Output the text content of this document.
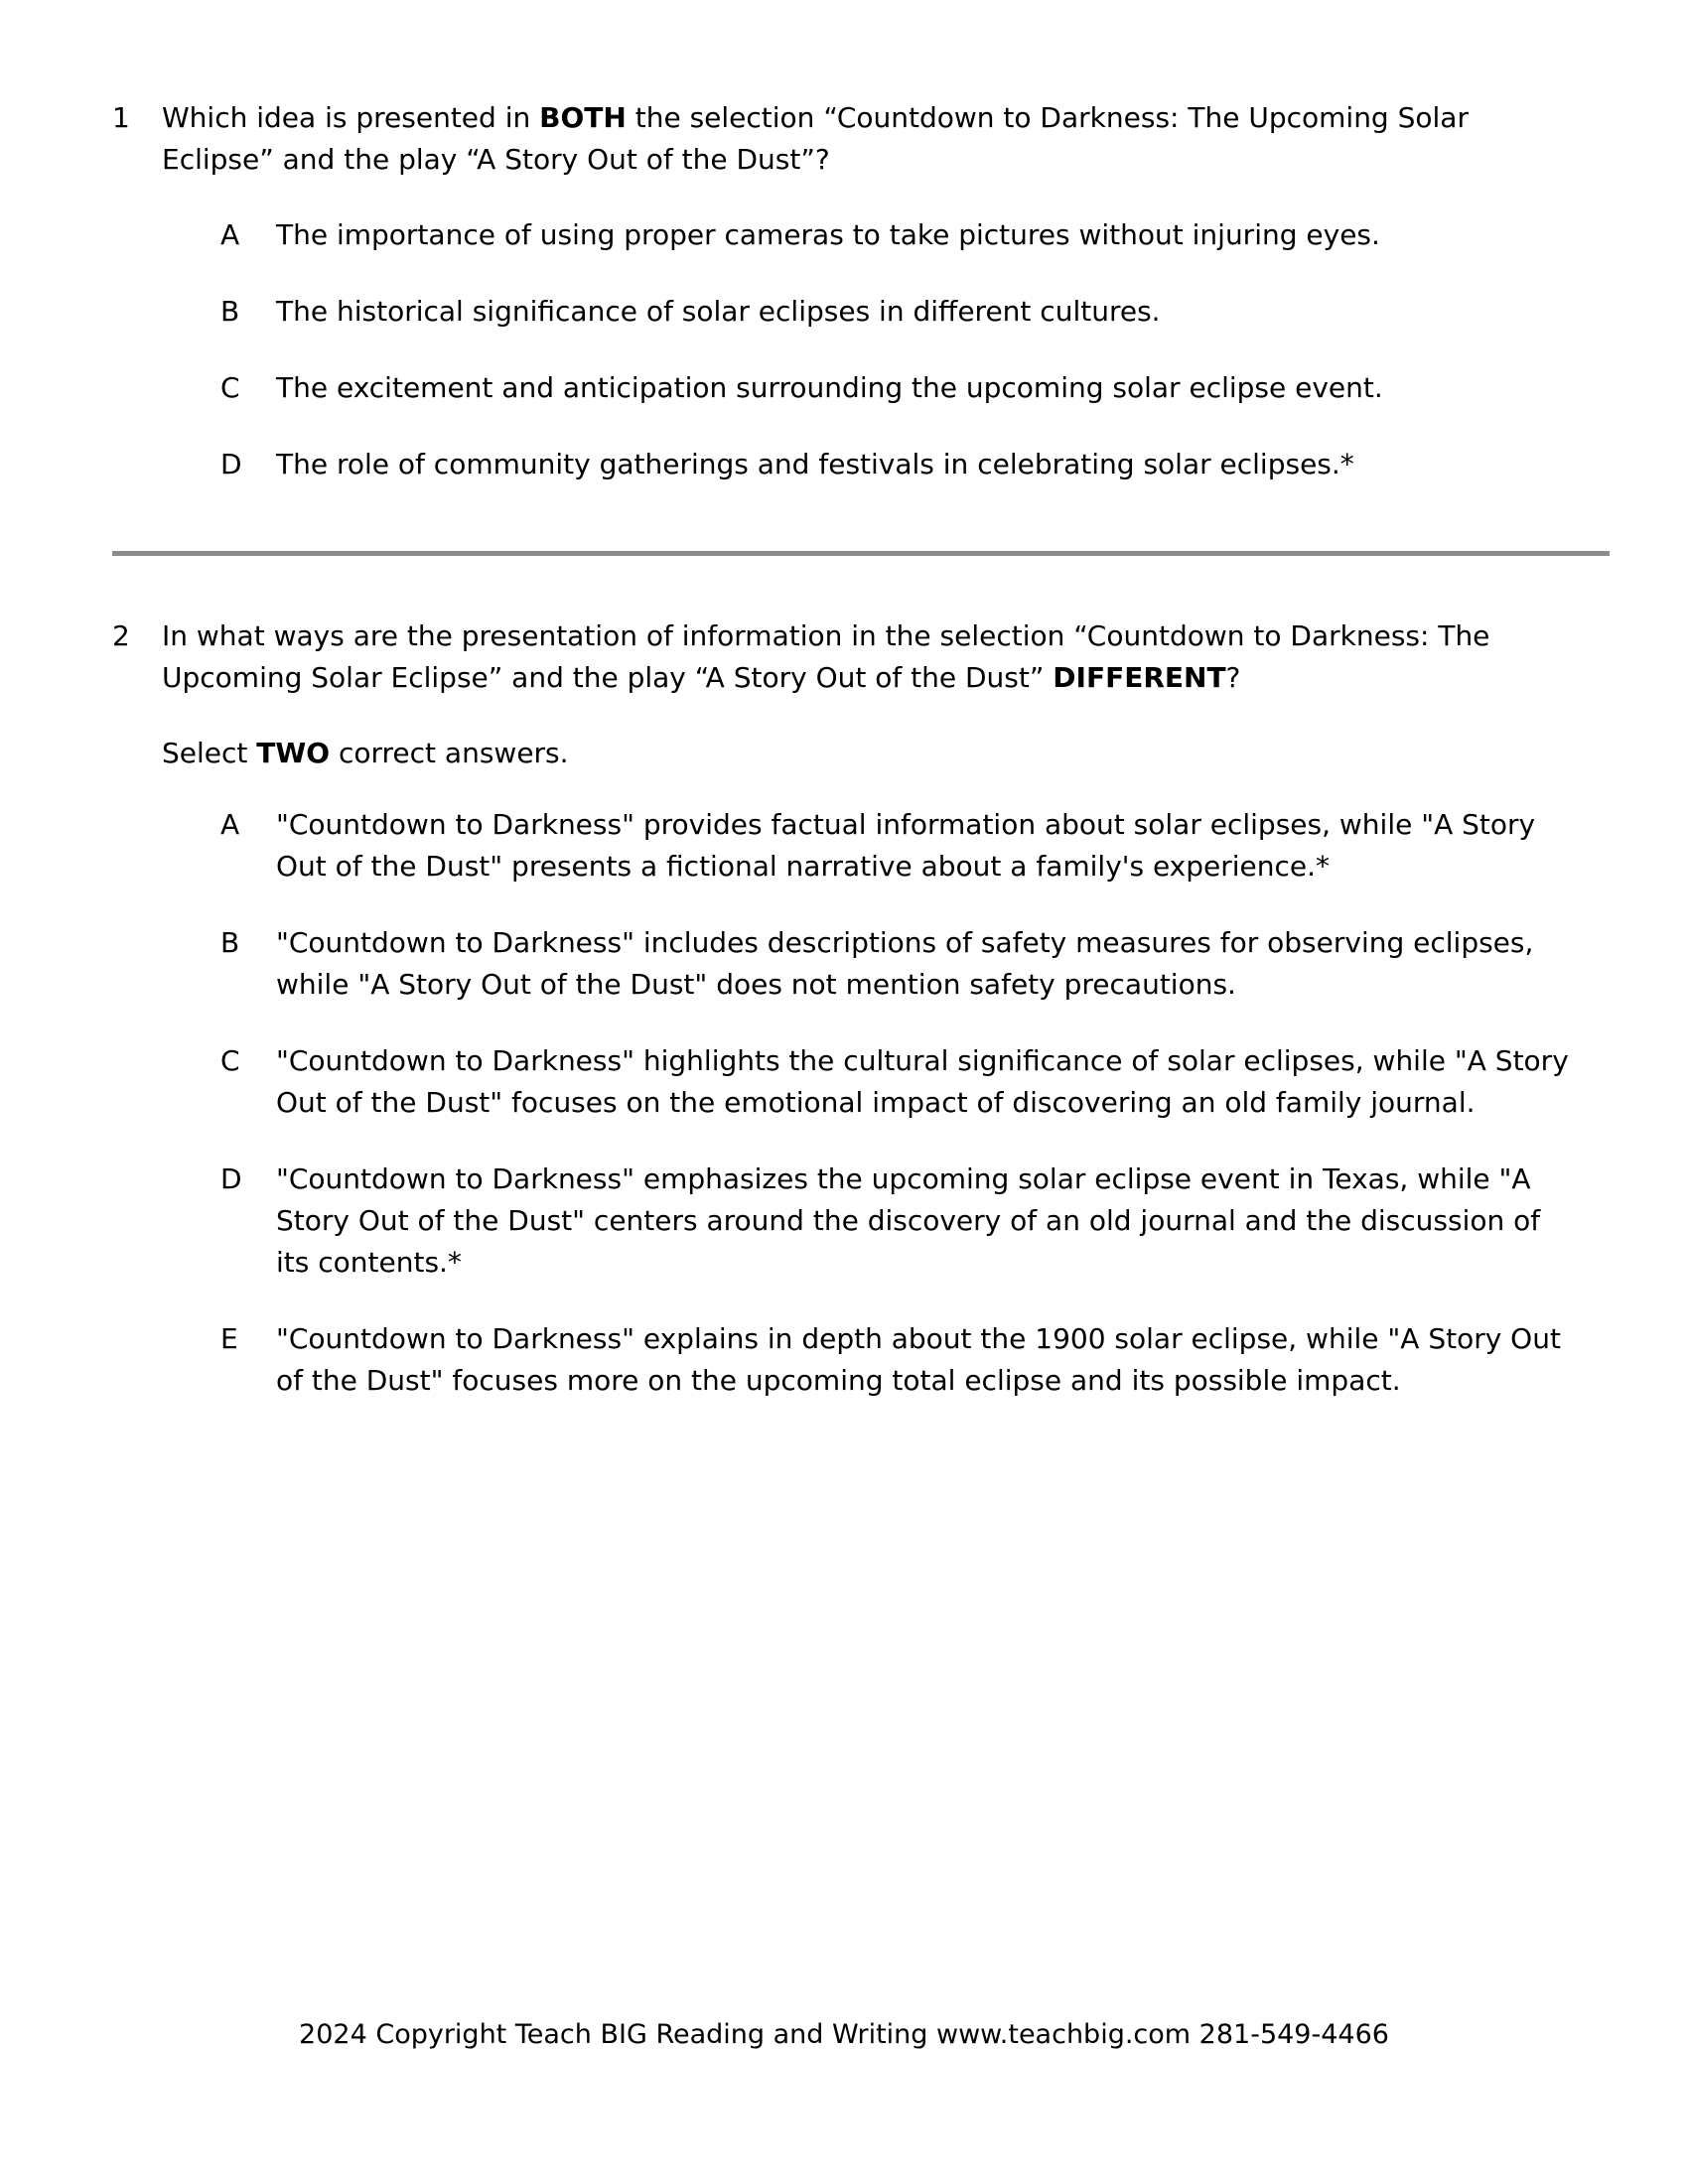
1	Which idea is presented in BOTH the selection “Countdown to Darkness: The Upcoming Solar Eclipse” and the play “A Story Out of the Dust”?

A	The importance of using proper cameras to take pictures without injuring eyes.
B	The historical significance of solar eclipses in different cultures.
C	The excitement and anticipation surrounding the upcoming solar eclipse event.
D	The role of community gatherings and festivals in celebrating solar eclipses.*
2	In what ways are the presentation of information in the selection “Countdown to Darkness: The Upcoming Solar Eclipse” and the play “A Story Out of the Dust” DIFFERENT?

Select TWO correct answers.

A	"Countdown to Darkness" provides factual information about solar eclipses, while "A Story Out of the Dust" presents a fictional narrative about a family's experience.*
B	"Countdown to Darkness" includes descriptions of safety measures for observing eclipses, while "A Story Out of the Dust" does not mention safety precautions.
C	"Countdown to Darkness" highlights the cultural significance of solar eclipses, while "A Story Out of the Dust" focuses on the emotional impact of discovering an old family journal.
D	"Countdown to Darkness" emphasizes the upcoming solar eclipse event in Texas, while "A Story Out of the Dust" centers around the discovery of an old journal and the discussion of its contents.*
E	"Countdown to Darkness" explains in depth about the 1900 solar eclipse, while "A Story Out of the Dust" focuses more on the upcoming total eclipse and its possible impact.
2024 Copyright Teach BIG Reading and Writing www.teachbig.com 281-549-4466
